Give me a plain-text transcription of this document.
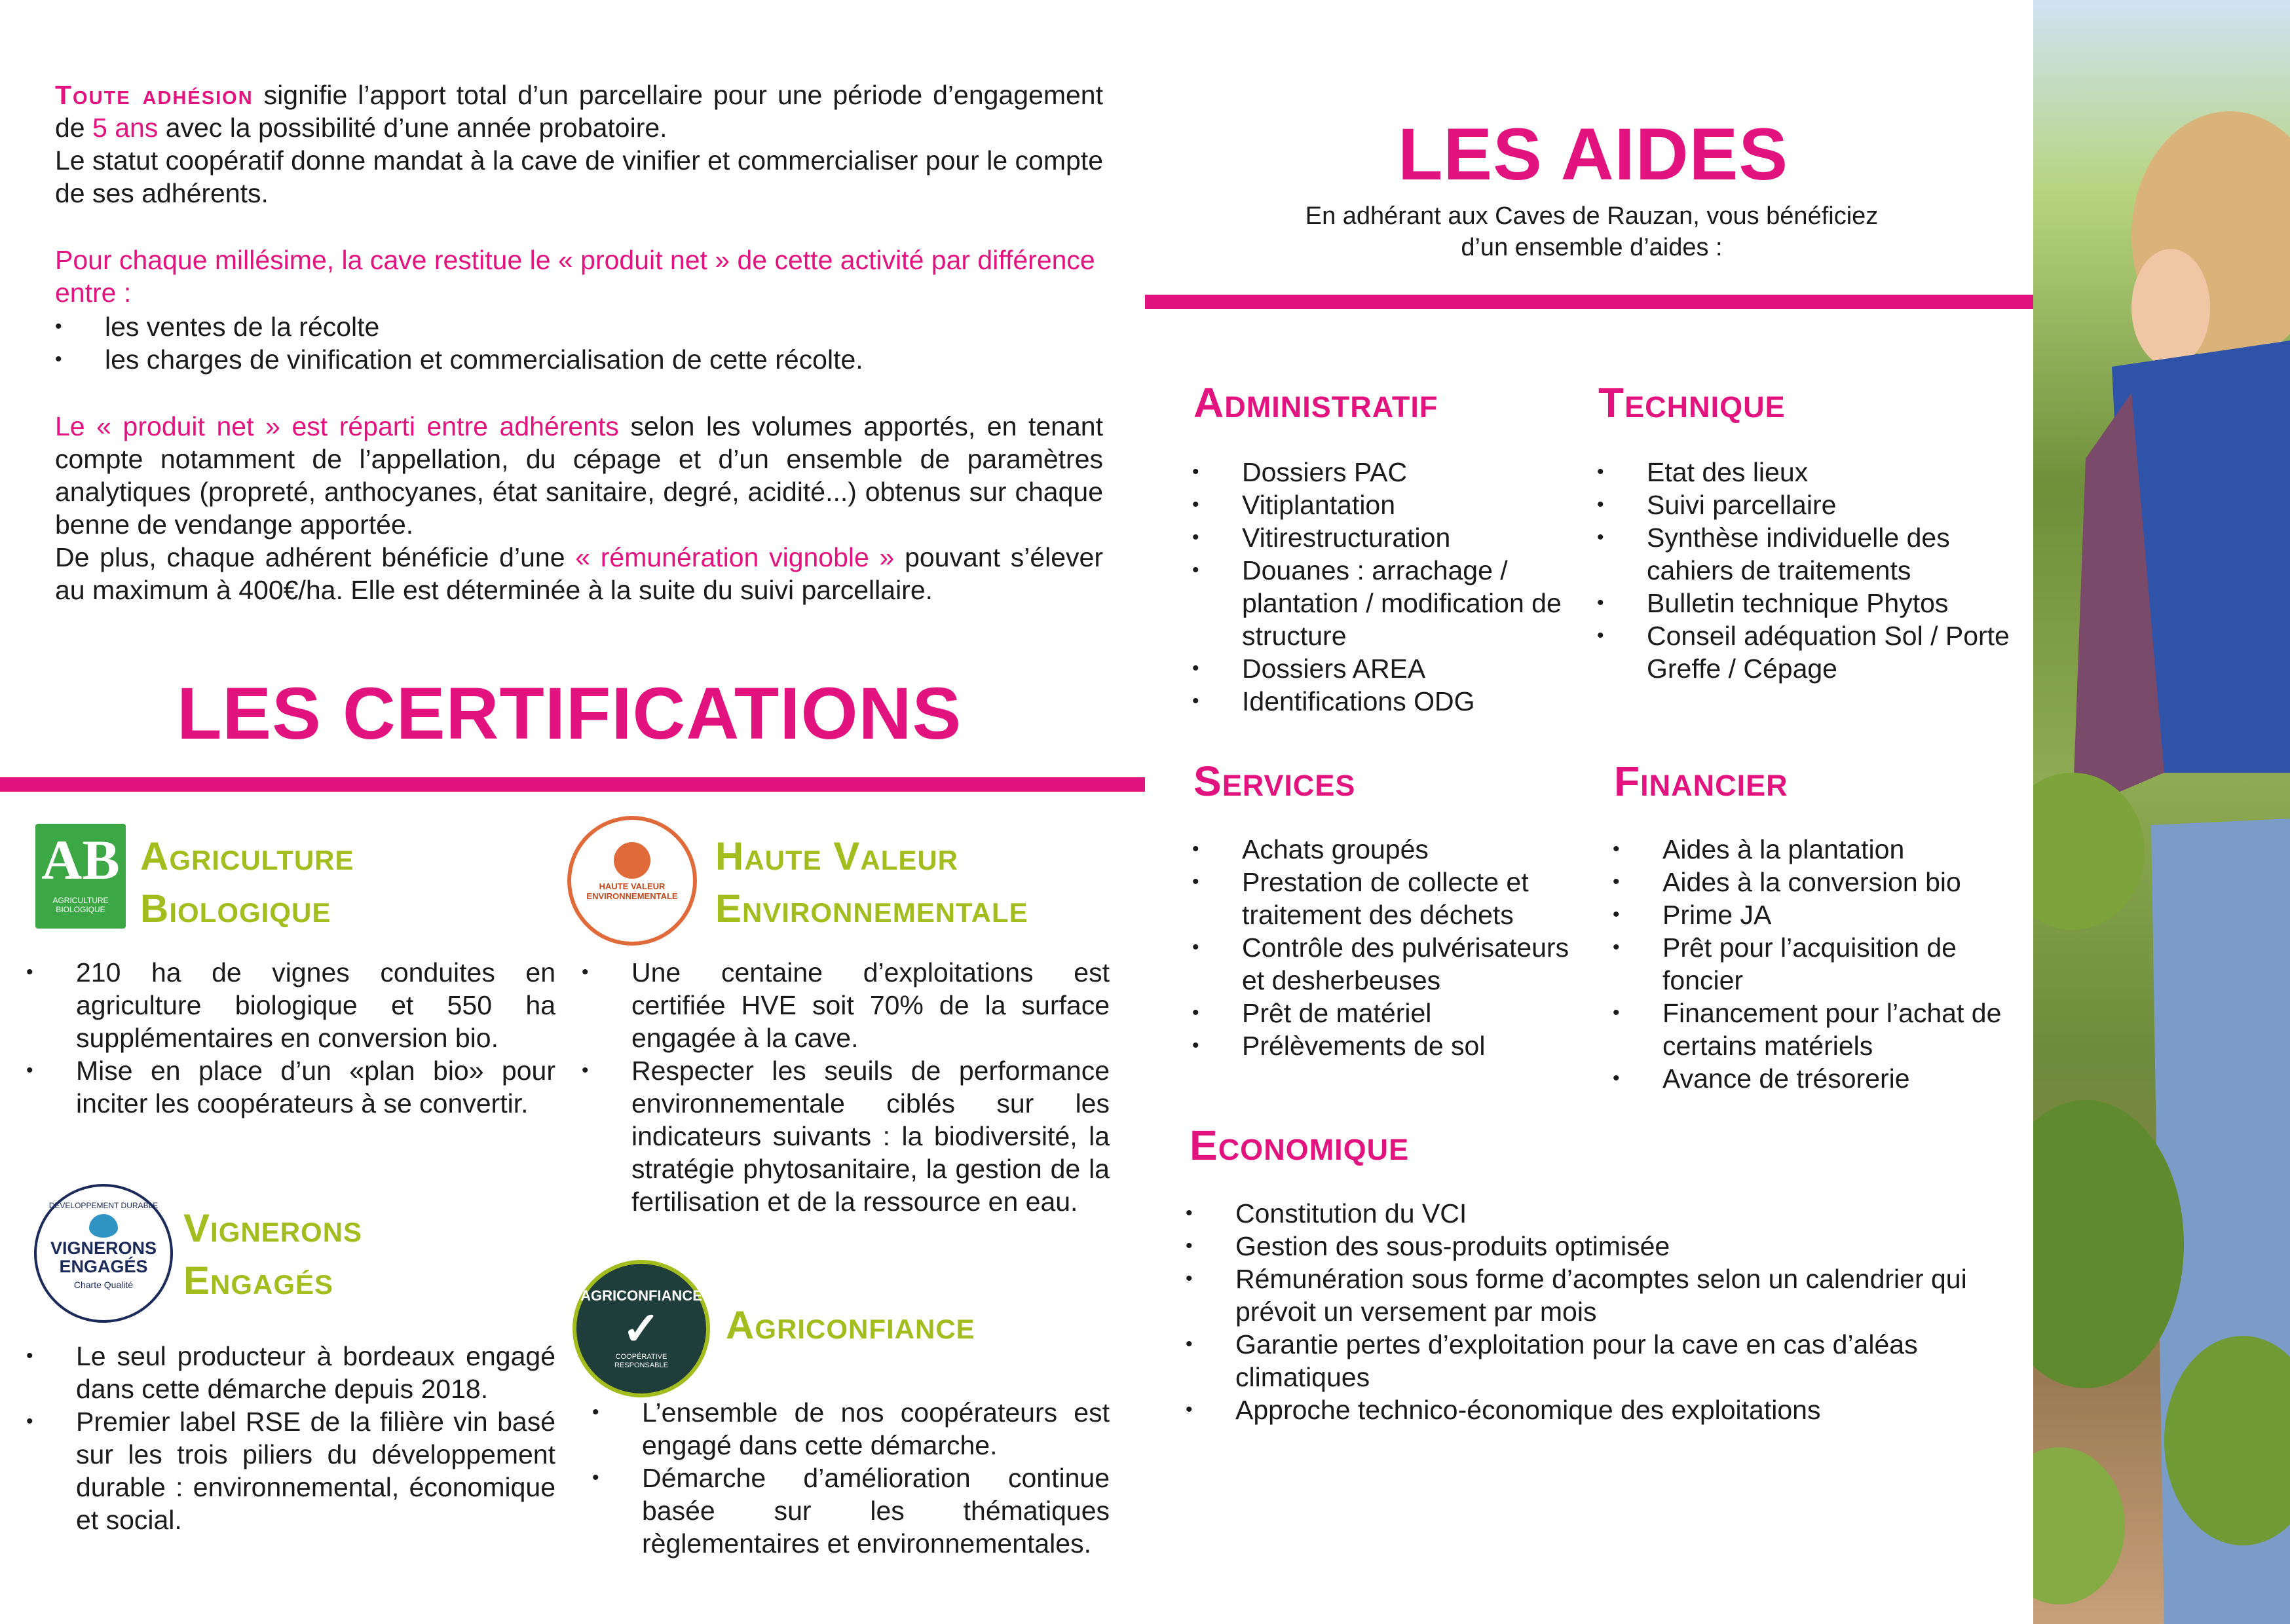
Toute adhésion signifie l’apport total d’un parcellaire pour une période d’engagement de 5 ans avec la possibilité d’une année probatoire.
Le statut coopératif donne mandat à la cave de vinifier et commercialiser pour le compte de ses adhérents.
Pour chaque millésime, la cave restitue le « produit net » de cette activité par différence entre :
• les ventes de la récolte
• les charges de vinification et commercialisation de cette récolte.
Le « produit net » est réparti entre adhérents selon les volumes apportés, en tenant compte notamment de l’appellation, du cépage et d’un ensemble de paramètres analytiques (propreté, anthocyanes, état sanitaire, degré, acidité...) obtenus sur chaque benne de vendange apportée.
De plus, chaque adhérent bénéficie d’une « rémunération vignoble » pouvant s’élever au maximum à 400€/ha. Elle est déterminée à la suite du suivi parcellaire.
LES CERTIFICATIONS
AB
AGRICULTURE BIOLOGIQUE
Agriculture
Biologique
• 210 ha de vignes conduites en agriculture biologique et 550 ha supplémentaires en conversion bio.
• Mise en place d’un «plan bio» pour inciter les coopérateurs à se convertir.
DÉVELOPPEMENT DURABLE
VIGNERONS
ENGAGÉS
Charte Qualité
Vignerons
Engagés
• Le seul producteur à bordeaux engagé dans cette démarche depuis 2018.
• Premier label RSE de la filière vin basé sur les trois piliers du développement durable : environnemental, économique et social.
HAUTE VALEUR ENVIRONNEMENTALE
Haute Valeur
Environnementale
• Une centaine d’exploitations est certifiée HVE soit 70% de la surface engagée à la cave.
• Respecter les seuils de performance environnementale ciblés sur les indicateurs suivants : la biodiversité, la stratégie phytosanitaire, la gestion de la fertilisation et de la ressource en eau.
AGRICONFIANCE
✓
COOPÉRATIVE RESPONSABLE
Agriconfiance
• L’ensemble de nos coopérateurs est engagé dans cette démarche.
• Démarche d’amélioration continue basée sur les thématiques règlementaires et environnementales.
LES AIDES
En adhérant aux Caves de Rauzan, vous bénéficiez
d’un ensemble d’aides :
Administratif
• Dossiers PAC
• Vitiplantation
• Vitirestructuration
• Douanes : arrachage / plantation / modification de structure
• Dossiers AREA
• Identifications ODG
Technique
• Etat des lieux
• Suivi parcellaire
• Synthèse individuelle des cahiers de traitements
• Bulletin technique Phytos
• Conseil adéquation Sol / Porte Greffe / Cépage
Services
• Achats groupés
• Prestation de collecte et traitement des déchets
• Contrôle des pulvérisateurs et desherbeuses
• Prêt de matériel
• Prélèvements de sol
Financier
• Aides à la plantation
• Aides à la conversion bio
• Prime JA
• Prêt pour l’acquisition de foncier
• Financement pour l’achat de certains matériels
• Avance de trésorerie
Economique
• Constitution du VCI
• Gestion des sous-produits optimisée
• Rémunération sous forme d’acomptes selon un calendrier qui prévoit un versement par mois
• Garantie pertes d’exploitation pour la cave en cas d’aléas climatiques
• Approche technico-économique des exploitations
